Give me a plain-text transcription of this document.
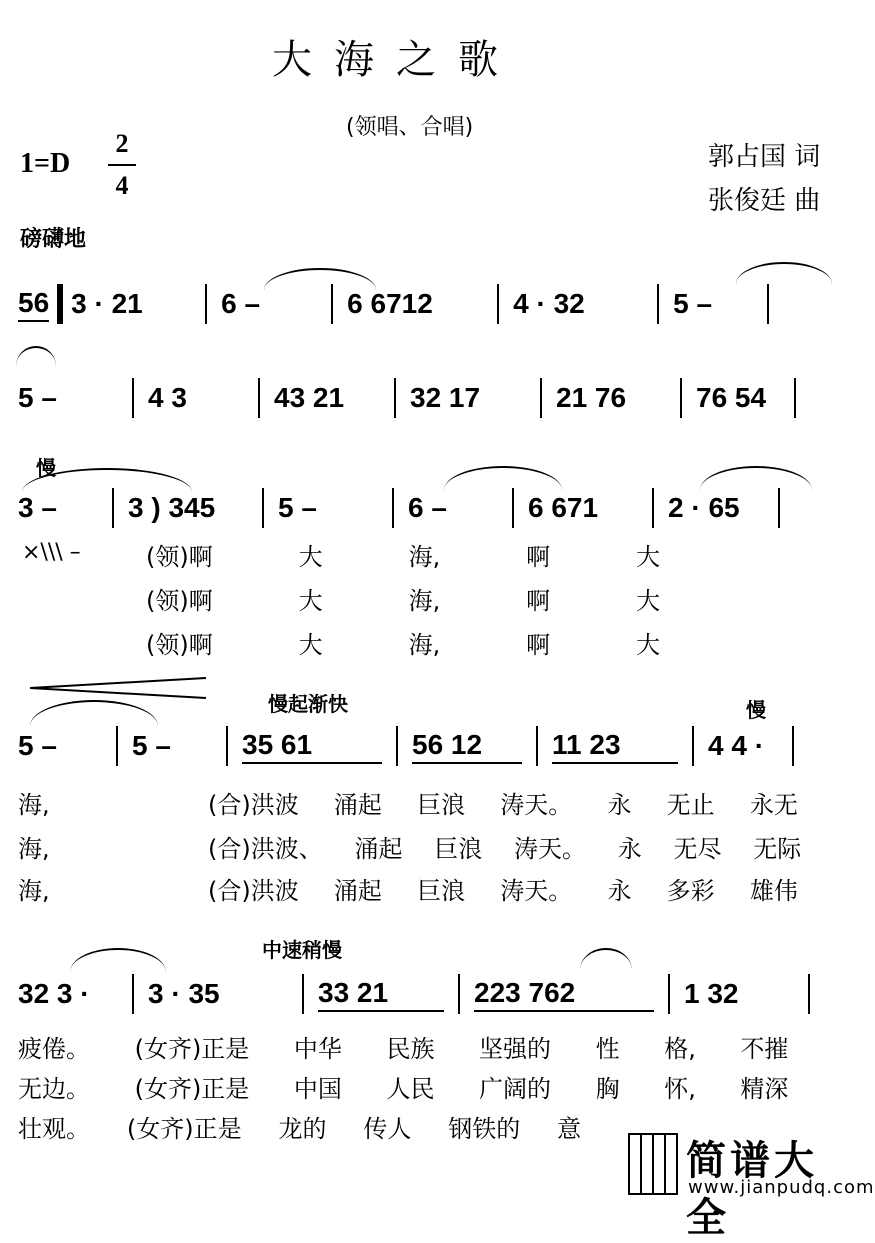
大海之歌
(领唱、合唱)
1=D
2
4
郭占国 词
张俊廷 曲
磅礴地
56 3 · 21	6 –	6 6712	4 · 32	5 –
5 –	4 3	43 21	32 17	21 76	76 54
慢
3 –	3 ) 345	5 –	6 –	6 671	2 · 65
×\\\ –	(领)啊	大	海,	啊	大
(领)啊	大	海,	啊	大
(领)啊	大	海,	啊	大
慢起渐快	慢
5 –	5 –	35 61	56 12	11 23	4 4 ·
海,	(合)洪波	涌起	巨浪	涛天。	永	无止	永无
海,	(合)洪波、	涌起	巨浪	涛天。	永	无尽	无际
海,	(合)洪波	涌起	巨浪	涛天。	永	多彩	雄伟
中速稍慢
32 3 ·	3 · 35	33 21	223 762	1 32
疲倦。	(女齐)正是	中华	民族	坚强的	性	格,	不摧
无边。	(女齐)正是	中国	人民	广阔的	胸	怀,	精深
壮观。	(女齐)正是	龙的	传人	钢铁的	意
简谱大全
www.jianpudq.com
